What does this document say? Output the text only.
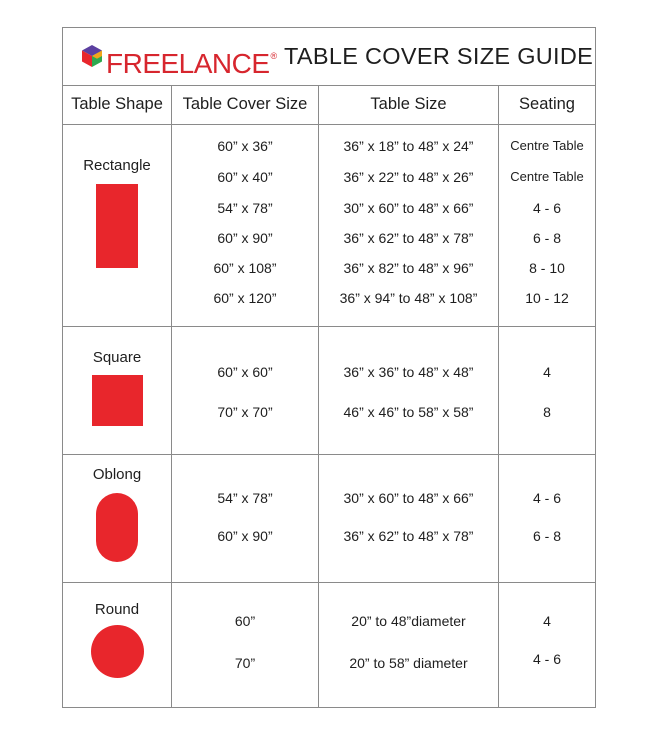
FREELANCE® TABLE COVER SIZE GUIDE
Table Shape	Table Cover Size	Table Size	Seating
Rectangle
60” x 36”	36” x 18” to 48” x 24”	Centre Table
60” x 40”	36” x 22” to 48” x 26”	Centre Table
54” x 78”	30” x 60” to 48” x 66”	4 - 6
60” x 90”	36” x 62” to 48” x 78”	6 - 8
60” x 108”	36” x 82” to 48” x 96”	8 - 10
60” x 120”	36” x 94” to 48” x 108”	10 - 12
Square
60” x 60”	36” x 36” to 48” x 48”	4
70” x 70”	46” x 46” to 58” x 58”	8
Oblong
54” x 78”	30” x 60” to 48” x 66”	4 - 6
60” x 90”	36” x 62” to 48” x 78”	6 - 8
Round
60”	20” to 48”diameter	4
70”	20” to 58” diameter	4 - 6
